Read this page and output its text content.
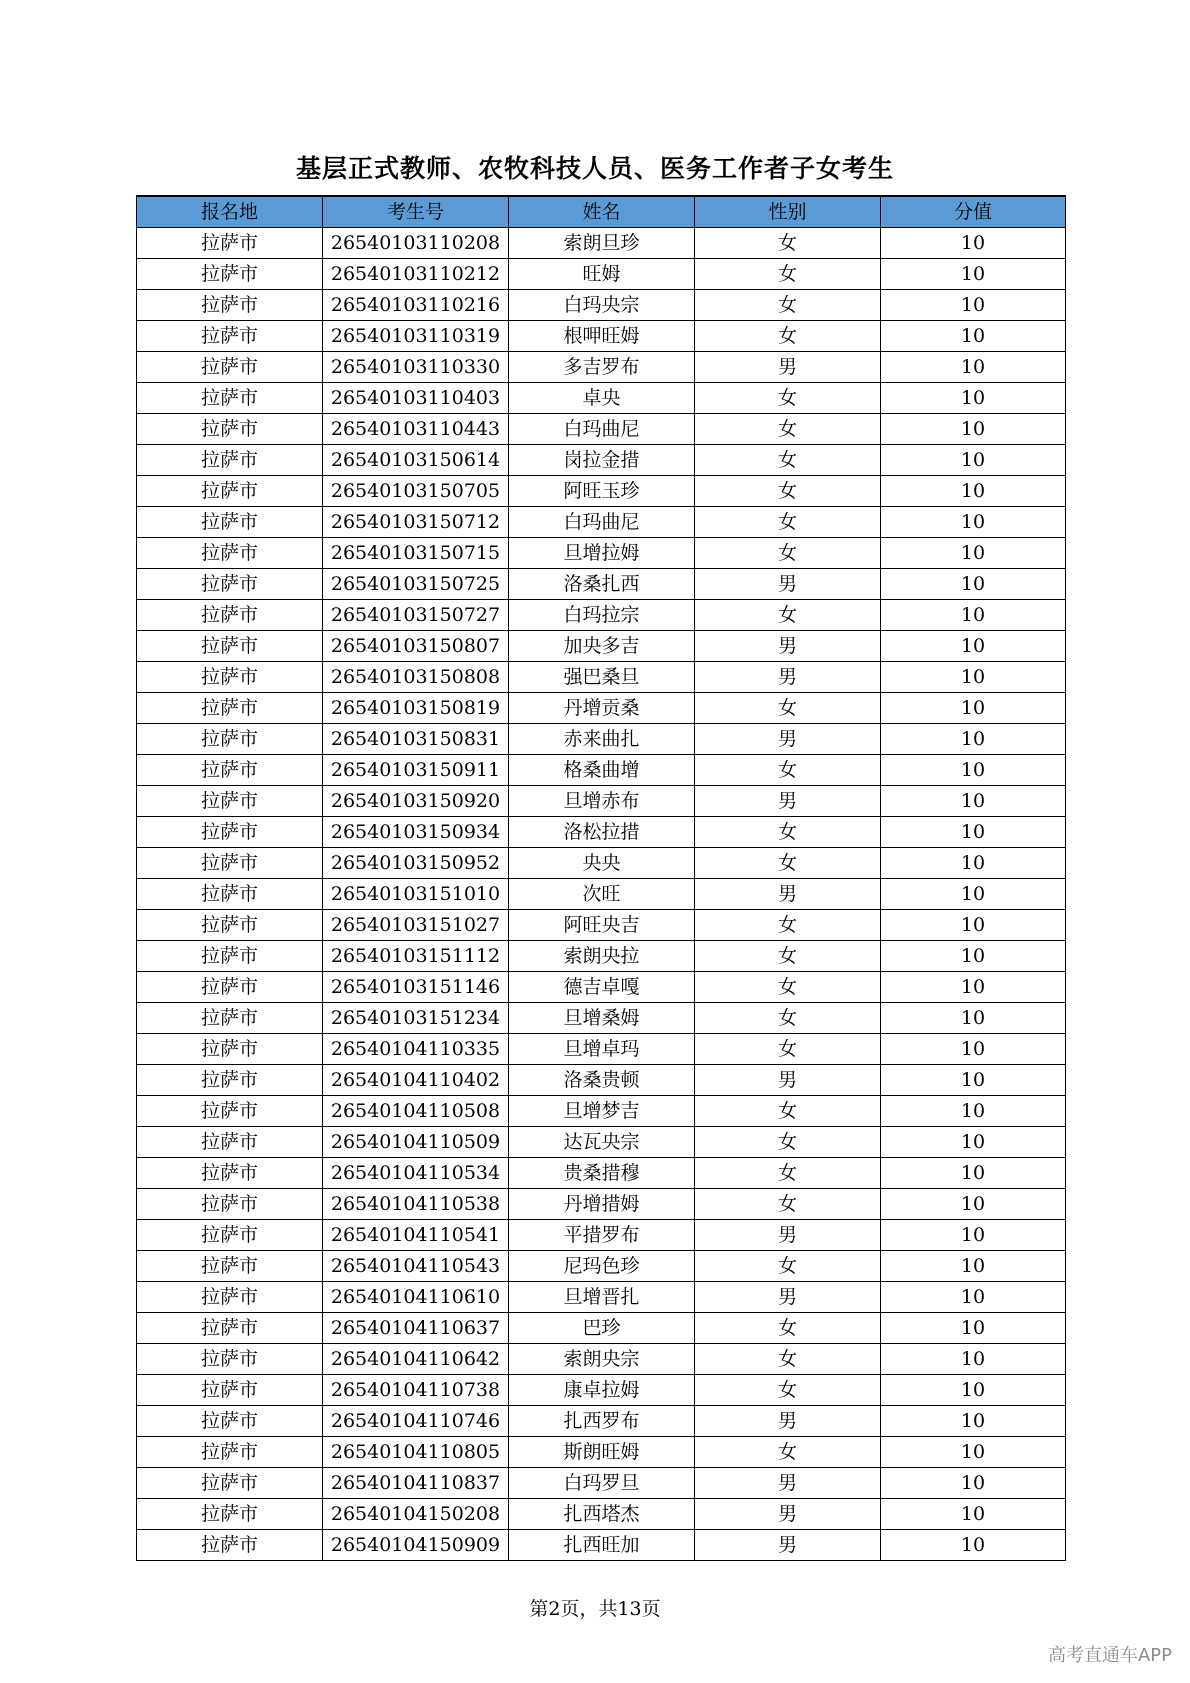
基层正式教师、农牧科技人员、医务工作者子女考生
报名地	考生号	姓名	性别	分值
拉萨市	26540103110208	索朗旦珍	女	10
拉萨市	26540103110212	旺姆	女	10
拉萨市	26540103110216	白玛央宗	女	10
拉萨市	26540103110319	根呷旺姆	女	10
拉萨市	26540103110330	多吉罗布	男	10
拉萨市	26540103110403	卓央	女	10
拉萨市	26540103110443	白玛曲尼	女	10
拉萨市	26540103150614	岗拉金措	女	10
拉萨市	26540103150705	阿旺玉珍	女	10
拉萨市	26540103150712	白玛曲尼	女	10
拉萨市	26540103150715	旦增拉姆	女	10
拉萨市	26540103150725	洛桑扎西	男	10
拉萨市	26540103150727	白玛拉宗	女	10
拉萨市	26540103150807	加央多吉	男	10
拉萨市	26540103150808	强巴桑旦	男	10
拉萨市	26540103150819	丹增贡桑	女	10
拉萨市	26540103150831	赤来曲扎	男	10
拉萨市	26540103150911	格桑曲增	女	10
拉萨市	26540103150920	旦增赤布	男	10
拉萨市	26540103150934	洛松拉措	女	10
拉萨市	26540103150952	央央	女	10
拉萨市	26540103151010	次旺	男	10
拉萨市	26540103151027	阿旺央吉	女	10
拉萨市	26540103151112	索朗央拉	女	10
拉萨市	26540103151146	德吉卓嘎	女	10
拉萨市	26540103151234	旦增桑姆	女	10
拉萨市	26540104110335	旦增卓玛	女	10
拉萨市	26540104110402	洛桑贵顿	男	10
拉萨市	26540104110508	旦增梦吉	女	10
拉萨市	26540104110509	达瓦央宗	女	10
拉萨市	26540104110534	贵桑措穆	女	10
拉萨市	26540104110538	丹增措姆	女	10
拉萨市	26540104110541	平措罗布	男	10
拉萨市	26540104110543	尼玛色珍	女	10
拉萨市	26540104110610	旦增晋扎	男	10
拉萨市	26540104110637	巴珍	女	10
拉萨市	26540104110642	索朗央宗	女	10
拉萨市	26540104110738	康卓拉姆	女	10
拉萨市	26540104110746	扎西罗布	男	10
拉萨市	26540104110805	斯朗旺姆	女	10
拉萨市	26540104110837	白玛罗旦	男	10
拉萨市	26540104150208	扎西塔杰	男	10
拉萨市	26540104150909	扎西旺加	男	10
第2页，共13页
高考直通车APP
